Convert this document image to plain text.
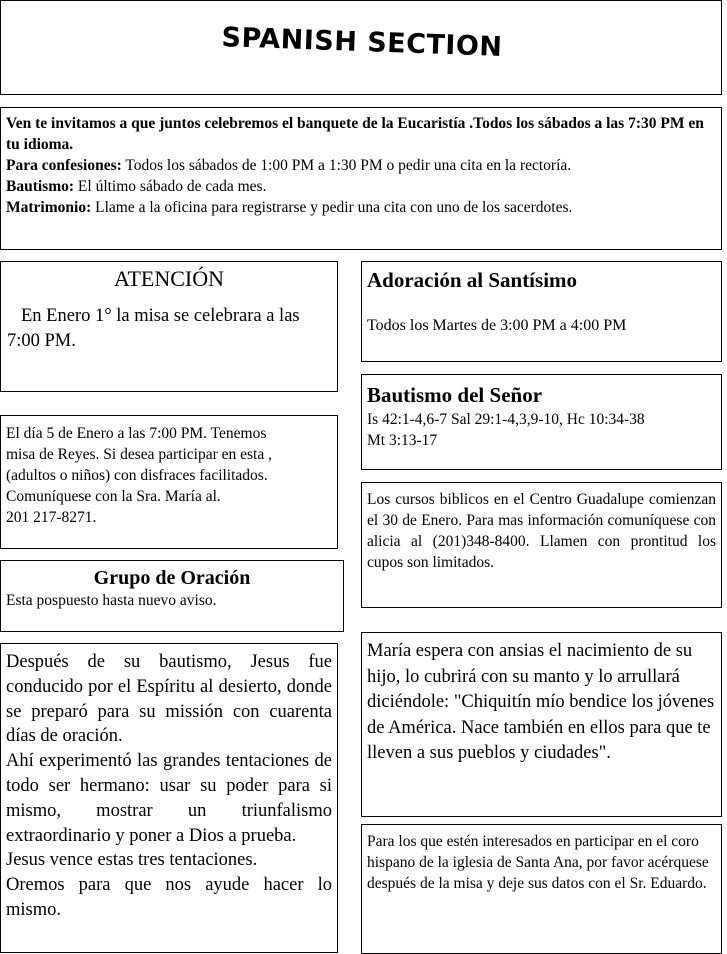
SPANISH SECTION

Ven te invitamos a que juntos celebremos el banquete de la Eucaristía .Todos los sábados a las 7:30 PM en tu idioma.

Para confesiones: Todos los sábados de 1:00 PM a 1:30 PM o pedir una cita en la rectoría.

Bautismo: El último sábado de cada mes.

Matrimonio: Llame a la oficina para registrarse y pedir una cita con uno de los sacerdotes.

ATENCIÓN
En Enero 1° la misa se celebrara a las 7:00 PM.
El día 5 de Enero a las 7:00 PM. Tenemos
misa de Reyes. Si desea participar en esta ,
(adultos o niños) con disfraces facilitados.
Comuníquese con la Sra. María al.
201 217-8271.
Grupo de Oración
Esta pospuesto hasta nuevo aviso.

Después de su bautismo, Jesus fue conducido por el Espíritu al desierto, donde se preparó para su missión con cuarenta días de oración.

Ahí experimentó las grandes tentaciones de todo ser hermano: usar su poder para si mismo, mostrar un triunfalismo extraordinario y poner a Dios a prueba.

Jesus vence estas tres tentaciones.

Oremos para que nos ayude hacer lo mismo.

Adoración al Santísimo
Todos los Martes de 3:00 PM a 4:00 PM
Bautismo del Señor
Is 42:1-4,6-7 Sal 29:1-4,3,9-10, Hc 10:34-38
Mt 3:13-17
Los cursos biblicos en el Centro Guadalupe comienzan el 30 de Enero. Para mas información comuníquese con alicia al (201)348-8400. Llamen con prontitud los cupos son limitados.
María espera con ansias el nacimiento de su hijo, lo cubrirá con su manto y lo arrullará diciéndole: "Chiquitín mío bendice los jóvenes de América. Nace también en ellos para que te lleven a sus pueblos y ciudades".
Para los que estén interesados en participar en el coro hispano de la iglesia de Santa Ana, por favor acérquese después de la misa y deje sus datos con el Sr. Eduardo.
